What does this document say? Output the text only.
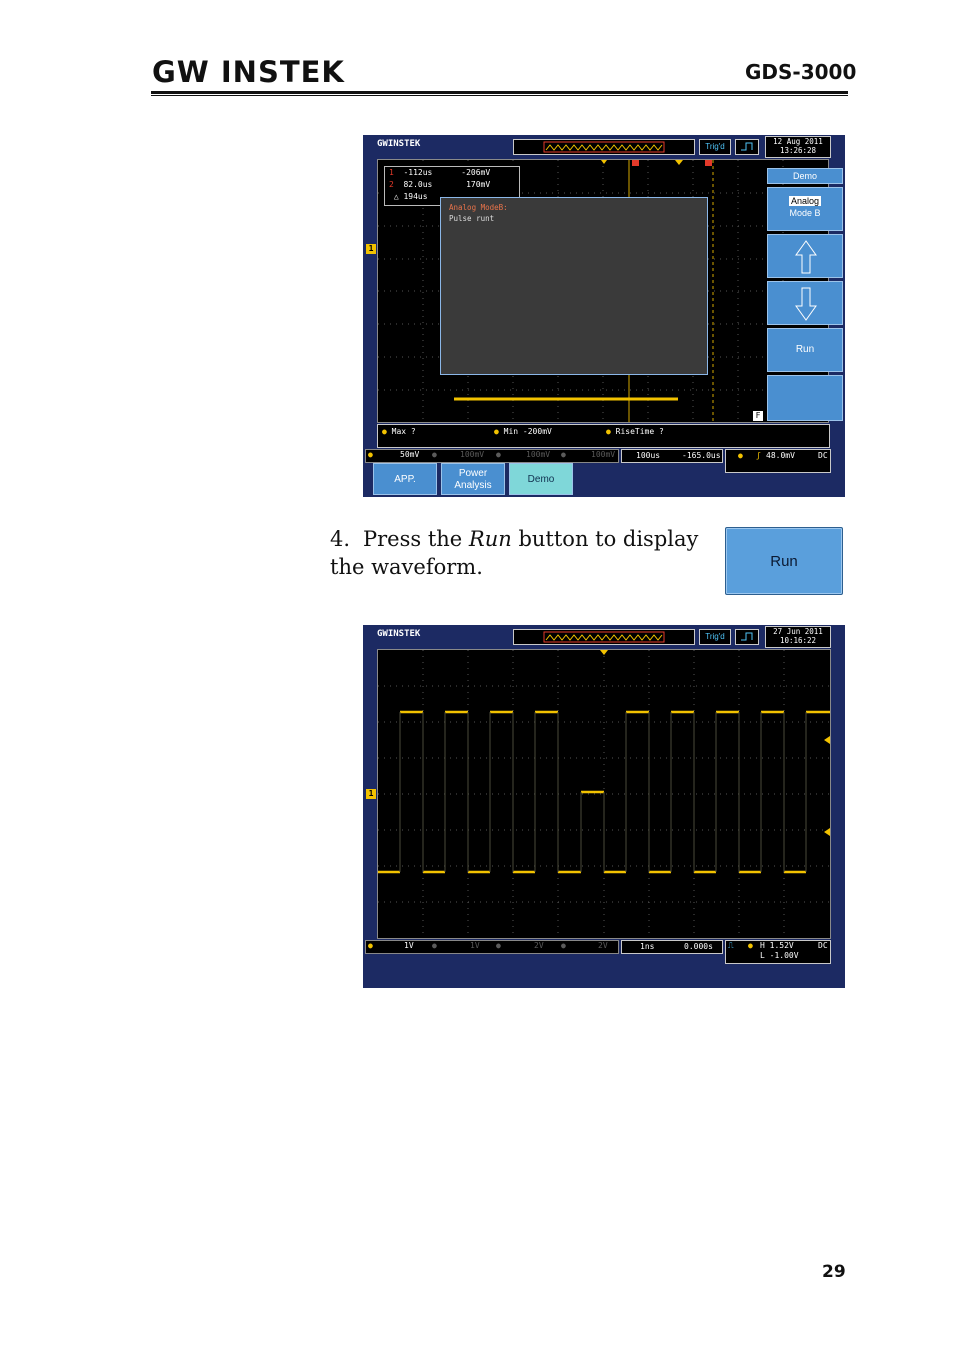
GW INSTEK	GDS-3000
GWINSTEK	Trig'd
12 Aug 2011
13:26:28
1 -112us	-206mV
2 82.0us	170mV
△ 194us
Analog ModeB:
Pulse runt
F
1
Demo
Analog
Mode B
Run
● Max ?	● Min -200mV	● RiseTime ?
●	50mV ●	100mV ●	100mV ●	100mV	100us	-165.0us ● ʃ 48.0mV	DC
APP.
Power Analysis
Demo
4. Press the Run button to display the waveform.	Run
GWINSTEK	Trig'd
27 Jun 2011
10:16:22
1
●	1V ●	1V ●	2V ●	2V	1ns	0.000s ⎍ ● H 1.52V
L -1.00V
DC
29
